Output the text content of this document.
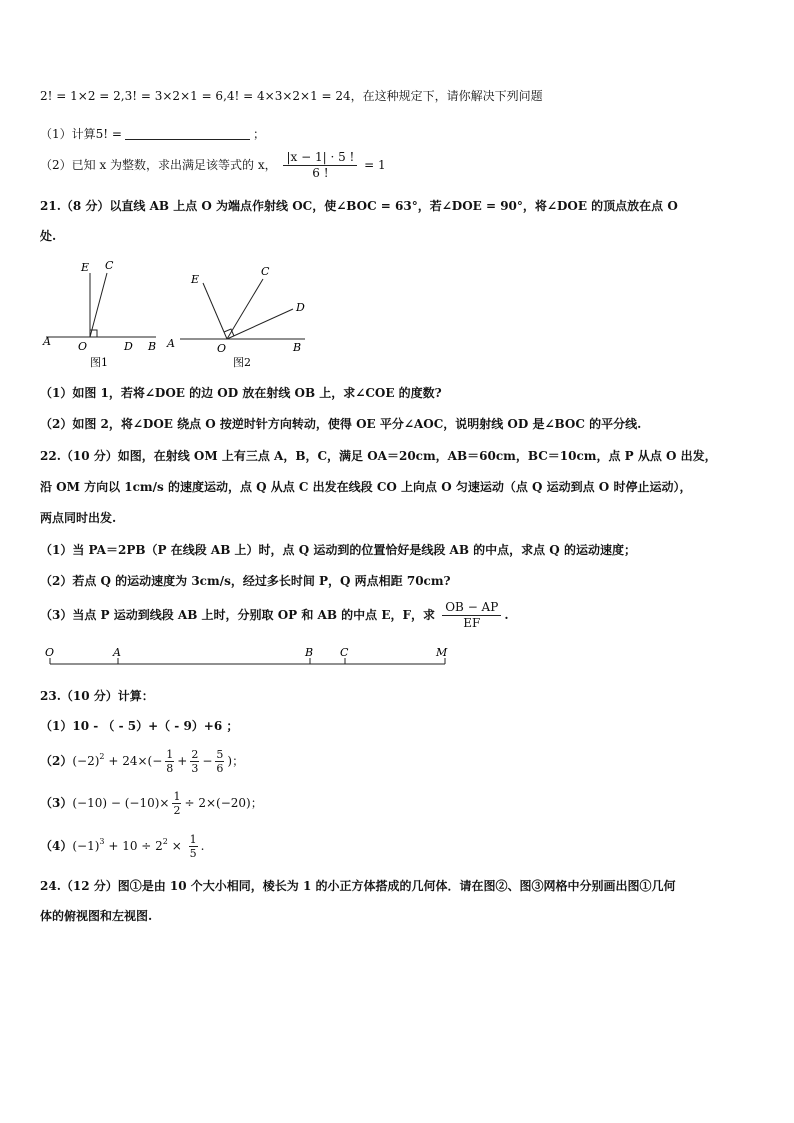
2! = 1×2 = 2,3! = 3×2×1 = 6,4! = 4×3×2×1 = 24，在这种规定下，请你解决下列问题
（1）计算5! =	；
（2）已知 x 为整数，求出满足该等式的 x， $\frac{|x - 1| \cdot 5 !}{6 !} = 1$
21.（8 分）以直线 AB 上点 O 为端点作射线 OC，使∠BOC = 63°，若∠DOE = 90°，将∠DOE 的顶点放在点 O
处.
E C
A O	D B
图1
E
C
D
A	O	B
图2
（1）如图 1，若将∠DOE 的边 OD 放在射线 OB 上，求∠COE 的度数?
（2）如图 2，将∠DOE 绕点 O 按逆时针方向转动，使得 OE 平分∠AOC，说明射线 OD 是∠BOC 的平分线.
22.（10 分）如图，在射线 OM 上有三点 A，B，C，满足 OA＝20cm，AB＝60cm，BC＝10cm，点 P 从点 O 出发，
沿 OM 方向以 1cm/s 的速度运动，点 Q 从点 C 出发在线段 CO 上向点 O 匀速运动（点 Q 运动到点 O 时停止运动），
两点同时出发.
（1）当 PA＝2PB（P 在线段 AB 上）时，点 Q 运动到的位置恰好是线段 AB 的中点，求点 Q 的运动速度；
（2）若点 Q 的运动速度为 3cm/s，经过多长时间 P，Q 两点相距 70cm?
（3）当点 P 运动到线段 AB 上时，分别取 OP 和 AB 的中点 E，F，求 $\frac{OB - AP}{EF}$ .
O	A	B C	M
23.（10 分）计算：
（1）10 - （ - 5）+（ - 9）+6 ；
$(2)(-2)^2 + 24\times(- \frac{1}{8} + \frac{2}{3} - \frac{5}{6}$ )；
$(3)(-10) - (-10)\times \frac{1}{2} \div 2\times(-20)$；
$(4)(-1)^3 + 10 \div 2^2 \times \frac{1}{5}$ .
24.（12 分）图①是由 10 个大小相同，棱长为 1 的小正方体搭成的几何体．请在图②、图③网格中分别画出图①几何
体的俯视图和左视图.
